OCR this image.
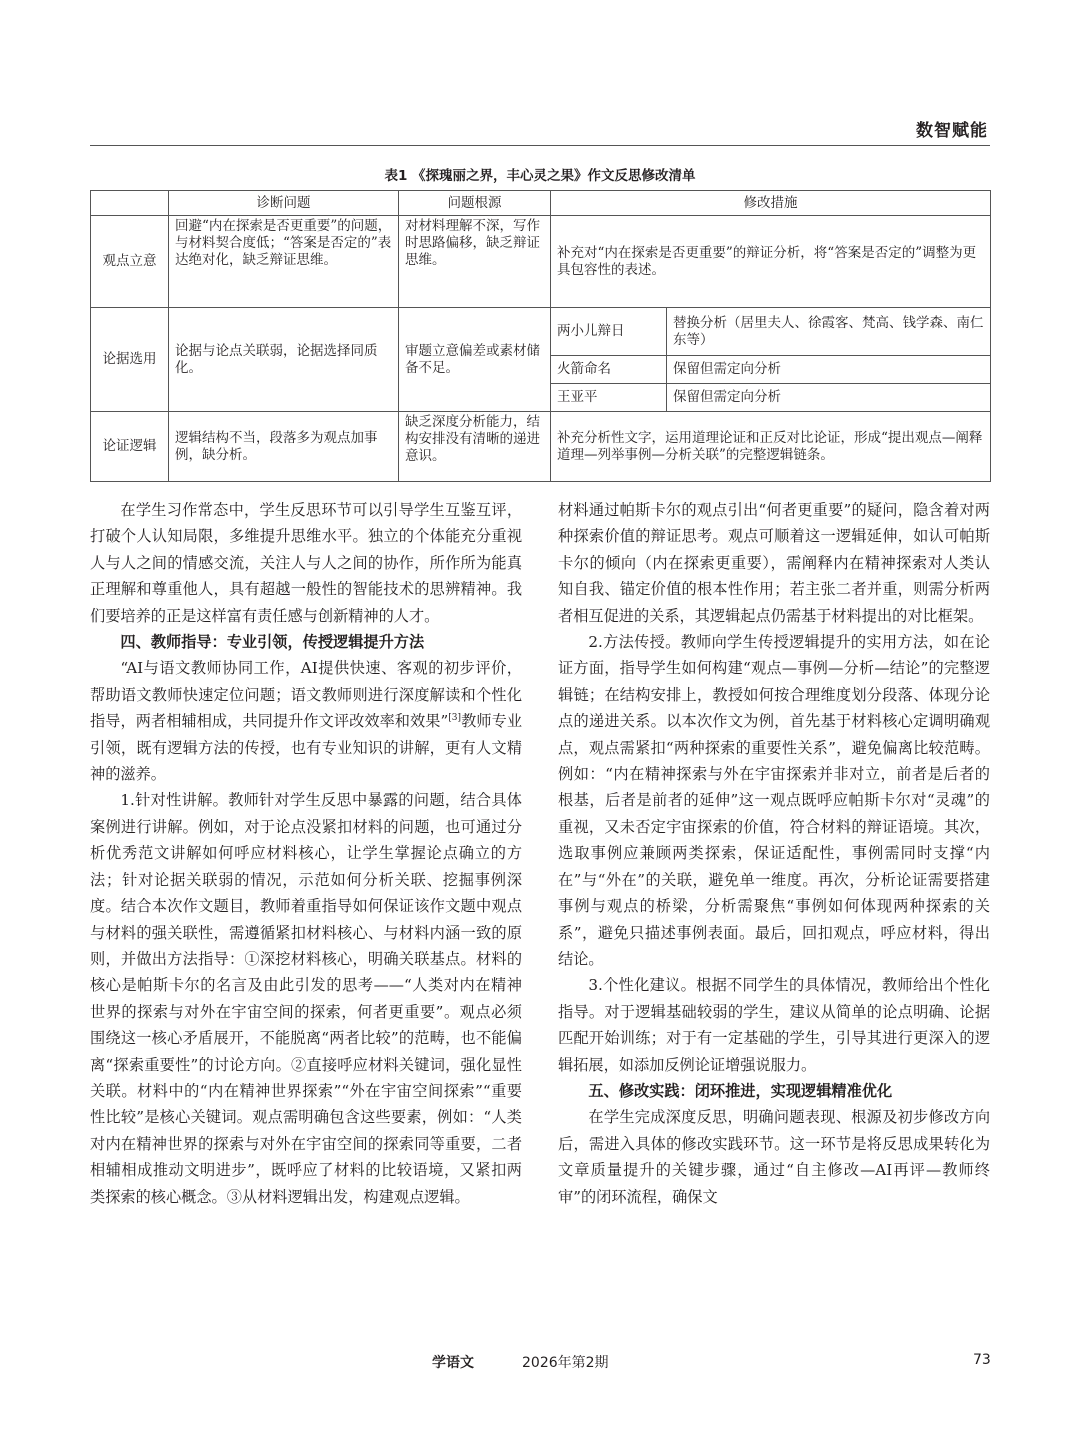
数智赋能
表1 《探瑰丽之界，丰心灵之果》作文反思修改清单
	诊断问题	问题根源	修改措施	
观点立意	回避“内在探索是否更重要”的问题，与材料契合度低；“答案是否定的”表达绝对化，缺乏辩证思维。	对材料理解不深，写作时思路偏移，缺乏辩证思维。	补充对“内在探索是否更重要”的辩证分析，将“答案是否定的”调整为更具包容性的表述。	
论据选用	论据与论点关联弱，论据选择同质化。	审题立意偏差或素材储备不足。	两小儿辩日	替换分析（居里夫人、徐霞客、梵高、钱学森、南仁东等）
			火箭命名	保留但需定向分析
			王亚平	保留但需定向分析
论证逻辑	逻辑结构不当，段落多为观点加事例，缺分析。	缺乏深度分析能力，结构安排没有清晰的递进意识。	补充分析性文字，运用道理论证和正反对比论证，形成“提出观点—阐释道理—列举事例—分析关联”的完整逻辑链条。	

在学生习作常态中，学生反思环节可以引导学生互鉴互评，打破个人认知局限，多维提升思维水平。独立的个体能充分重视人与人之间的情感交流，关注人与人之间的协作，所作所为能真正理解和尊重他人，具有超越一般性的智能技术的思辨精神。我们要培养的正是这样富有责任感与创新精神的人才。

四、教师指导：专业引领，传授逻辑提升方法

“AI与语文教师协同工作，AI提供快速、客观的初步评价，帮助语文教师快速定位问题；语文教师则进行深度解读和个性化指导，两者相辅相成，共同提升作文评改效率和效果”[3]教师专业引领，既有逻辑方法的传授，也有专业知识的讲解，更有人文精神的滋养。

1.针对性讲解。教师针对学生反思中暴露的问题，结合具体案例进行讲解。例如，对于论点没紧扣材料的问题，也可通过分析优秀范文讲解如何呼应材料核心，让学生掌握论点确立的方法；针对论据关联弱的情况，示范如何分析关联、挖掘事例深度。结合本次作文题目，教师着重指导如何保证该作文题中观点与材料的强关联性，需遵循紧扣材料核心、与材料内涵一致的原则，并做出方法指导：①深挖材料核心，明确关联基点。材料的核心是帕斯卡尔的名言及由此引发的思考——“人类对内在精神世界的探索与对外在宇宙空间的探索，何者更重要”。观点必须围绕这一核心矛盾展开，不能脱离“两者比较”的范畴，也不能偏离“探索重要性”的讨论方向。②直接呼应材料关键词，强化显性关联。材料中的“内在精神世界探索”“外在宇宙空间探索”“重要性比较”是核心关键词。观点需明确包含这些要素，例如：“人类对内在精神世界的探索与对外在宇宙空间的探索同等重要，二者相辅相成推动文明进步”，既呼应了材料的比较语境，又紧扣两类探索的核心概念。③从材料逻辑出发，构建观点逻辑。

材料通过帕斯卡尔的观点引出“何者更重要”的疑问，隐含着对两种探索价值的辩证思考。观点可顺着这一逻辑延伸，如认可帕斯卡尔的倾向（内在探索更重要），需阐释内在精神探索对人类认知自我、锚定价值的根本性作用；若主张二者并重，则需分析两者相互促进的关系，其逻辑起点仍需基于材料提出的对比框架。

2.方法传授。教师向学生传授逻辑提升的实用方法，如在论证方面，指导学生如何构建“观点—事例—分析—结论”的完整逻辑链；在结构安排上，教授如何按合理维度划分段落、体现分论点的递进关系。以本次作文为例，首先基于材料核心定调明确观点，观点需紧扣“两种探索的重要性关系”，避免偏离比较范畴。例如：“内在精神探索与外在宇宙探索并非对立，前者是后者的根基，后者是前者的延伸”这一观点既呼应帕斯卡尔对“灵魂”的重视，又未否定宇宙探索的价值，符合材料的辩证语境。其次，选取事例应兼顾两类探索，保证适配性，事例需同时支撑“内在”与“外在”的关联，避免单一维度。再次，分析论证需要搭建事例与观点的桥梁，分析需聚焦“事例如何体现两种探索的关系”，避免只描述事例表面。最后，回扣观点，呼应材料，得出结论。

3.个性化建议。根据不同学生的具体情况，教师给出个性化指导。对于逻辑基础较弱的学生，建议从简单的论点明确、论据匹配开始训练；对于有一定基础的学生，引导其进行更深入的逻辑拓展，如添加反例论证增强说服力。

五、修改实践：闭环推进，实现逻辑精准优化

在学生完成深度反思，明确问题表现、根源及初步修改方向后，需进入具体的修改实践环节。这一环节是将反思成果转化为文章质量提升的关键步骤，通过“自主修改—AI再评—教师终审”的闭环流程，确保文

学语文	2026年第2期	73
